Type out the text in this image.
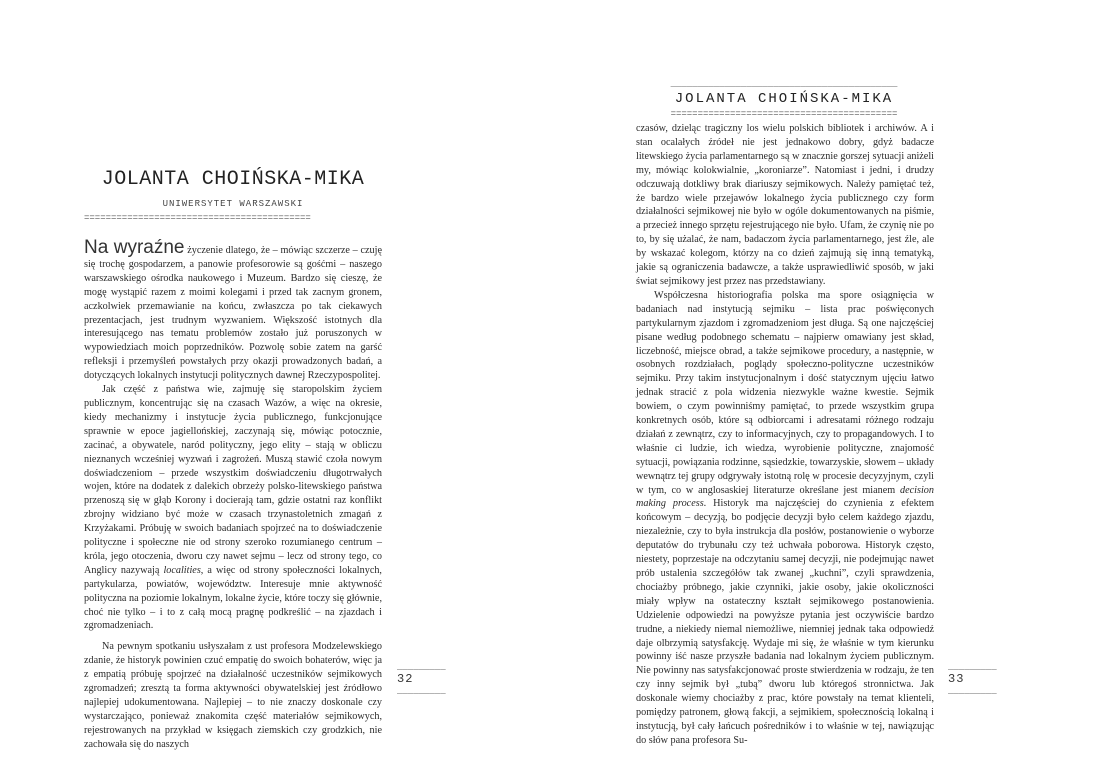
JOLANTA CHOIŃSKA-MIKA
UNIWERSYTET WARSZAWSKI
==========================================

Na wyraźne życzenie dlatego, że – mówiąc szczerze – czuję się trochę gospodarzem, a panowie profesorowie są gośćmi – naszego warszawskiego ośrodka naukowego i Muzeum. Bardzo się cieszę, że mogę wystąpić razem z moimi kolegami i przed tak zacnym gronem, aczkolwiek przemawianie na końcu, zwłaszcza po tak ciekawych prezentacjach, jest trudnym wyzwaniem. Większość istotnych dla interesującego nas tematu problemów zostało już poruszonych w wypowiedziach moich poprzedników. Pozwolę sobie zatem na garść refleksji i przemyśleń powstałych przy okazji prowadzonych badań, a dotyczących lokalnych instytucji politycznych dawnej Rzeczypospolitej.

Jak część z państwa wie, zajmuję się staropolskim życiem publicznym, koncentrując się na czasach Wazów, a więc na okresie, kiedy mechanizmy i instytucje życia publicznego, funkcjonujące sprawnie w epoce jagiellońskiej, zaczynają się, mówiąc potocznie, zacinać, a obywatele, naród polityczny, jego elity – stają w obliczu nieznanych wcześniej wyzwań i zagrożeń. Muszą stawić czoła nowym doświadczeniom – przede wszystkim doświadczeniu długotrwałych wojen, które na dodatek z dalekich obrzeży polsko-litewskiego państwa przenoszą się w głąb Korony i docierają tam, gdzie ostatni raz konflikt zbrojny widziano być może w czasach trzynastoletnich zmagań z Krzyżakami. Próbuję w swoich badaniach spojrzeć na to doświadczenie polityczne i społeczne nie od strony szeroko rozumianego centrum – króla, jego otoczenia, dworu czy nawet sejmu – lecz od strony tego, co Anglicy nazywają localities, a więc od strony społeczności lokalnych, partykularza, powiatów, województw. Interesuje mnie aktywność polityczna na poziomie lokalnym, lokalne życie, które toczy się głównie, choć nie tylko – i to z całą mocą pragnę podkreślić – na zjazdach i zgromadzeniach.

Na pewnym spotkaniu usłyszałam z ust profesora Modzelewskiego zdanie, że historyk powinien czuć empatię do swoich bohaterów, więc ja z empatią próbuję spojrzeć na działalność uczestników sejmikowych zgromadzeń; zresztą ta forma aktywności obywatelskiej jest źródłowo najlepiej udokumentowana. Najlepiej – to nie znaczy doskonale czy wystarczająco, ponieważ znakomita część materiałów sejmikowych, rejestrowanych na przykład w księgach ziemskich czy grodzkich, nie zachowała się do naszych

_________
32
_________
__________________________________________
JOLANTA CHOIŃSKA-MIKA
==========================================

czasów, dzieląc tragiczny los wielu polskich bibliotek i archiwów. A i stan ocalałych źródeł nie jest jednakowo dobry, gdyż badacze litewskiego życia parlamentarnego są w znacznie gorszej sytuacji aniżeli my, mówiąc kolokwialnie, „koroniarze”. Natomiast i jedni, i drudzy odczuwają dotkliwy brak diariuszy sejmikowych. Należy pamiętać też, że bardzo wiele przejawów lokalnego życia publicznego czy form działalności sejmikowej nie było w ogóle dokumentowanych na piśmie, a przecież innego sprzętu rejestrującego nie było. Ufam, że czynię nie po to, by się użalać, że nam, badaczom życia parlamentarnego, jest źle, ale by wskazać kolegom, którzy na co dzień zajmują się inną tematyką, jakie są ograniczenia badawcze, a także usprawiedliwić sposób, w jaki świat sejmikowy jest przez nas przedstawiany.

Współczesna historiografia polska ma spore osiągnięcia w badaniach nad instytucją sejmiku – lista prac poświęconych partykularnym zjazdom i zgromadzeniom jest długa. Są one najczęściej pisane według podobnego schematu – najpierw omawiany jest skład, liczebność, miejsce obrad, a także sejmikowe procedury, a następnie, w osobnych rozdziałach, poglądy społeczno-polityczne uczestników sejmiku. Przy takim instytucjonalnym i dość statycznym ujęciu łatwo jednak stracić z pola widzenia niezwykle ważne kwestie. Sejmik bowiem, o czym powinniśmy pamiętać, to przede wszystkim grupa konkretnych osób, które są odbiorcami i adresatami różnego rodzaju działań z zewnątrz, czy to informacyjnych, czy to propagandowych. I to właśnie ci ludzie, ich wiedza, wyrobienie polityczne, znajomość sytuacji, powiązania rodzinne, sąsiedzkie, towarzyskie, słowem – układy wewnątrz tej grupy odgrywały istotną rolę w procesie decyzyjnym, czyli w tym, co w anglosaskiej literaturze określane jest mianem decision making process. Historyk ma najczęściej do czynienia z efektem końcowym – decyzją, bo podjęcie decyzji było celem każdego zjazdu, niezależnie, czy to była instrukcja dla posłów, postanowienie o wyborze deputatów do trybunału czy też uchwała poborowa. Historyk często, niestety, poprzestaje na odczytaniu samej decyzji, nie podejmując nawet prób ustalenia szczegółów tak zwanej „kuchni”, czyli sprawdzenia, chociażby próbnego, jakie czynniki, jakie osoby, jakie okoliczności miały wpływ na ostateczny kształt sejmikowego postanowienia. Udzielenie odpowiedzi na powyższe pytania jest oczywiście bardzo trudne, a niekiedy niemal niemożliwe, niemniej jednak taka odpowiedź daje olbrzymią satysfakcję. Wydaje mi się, że właśnie w tym kierunku powinny iść nasze przyszłe badania nad lokalnym życiem publicznym. Nie powinny nas satysfakcjonować proste stwierdzenia w rodzaju, że ten czy inny sejmik był „tubą” dworu lub któregoś stronnictwa. Jak doskonale wiemy chociażby z prac, które powstały na temat klienteli, pomiędzy patronem, głową fakcji, a sejmikiem, społecznością lokalną i instytucją, był cały łańcuch pośredników i to właśnie w tej, nawiązując do słów pana profesora Su-

_________
33
_________
